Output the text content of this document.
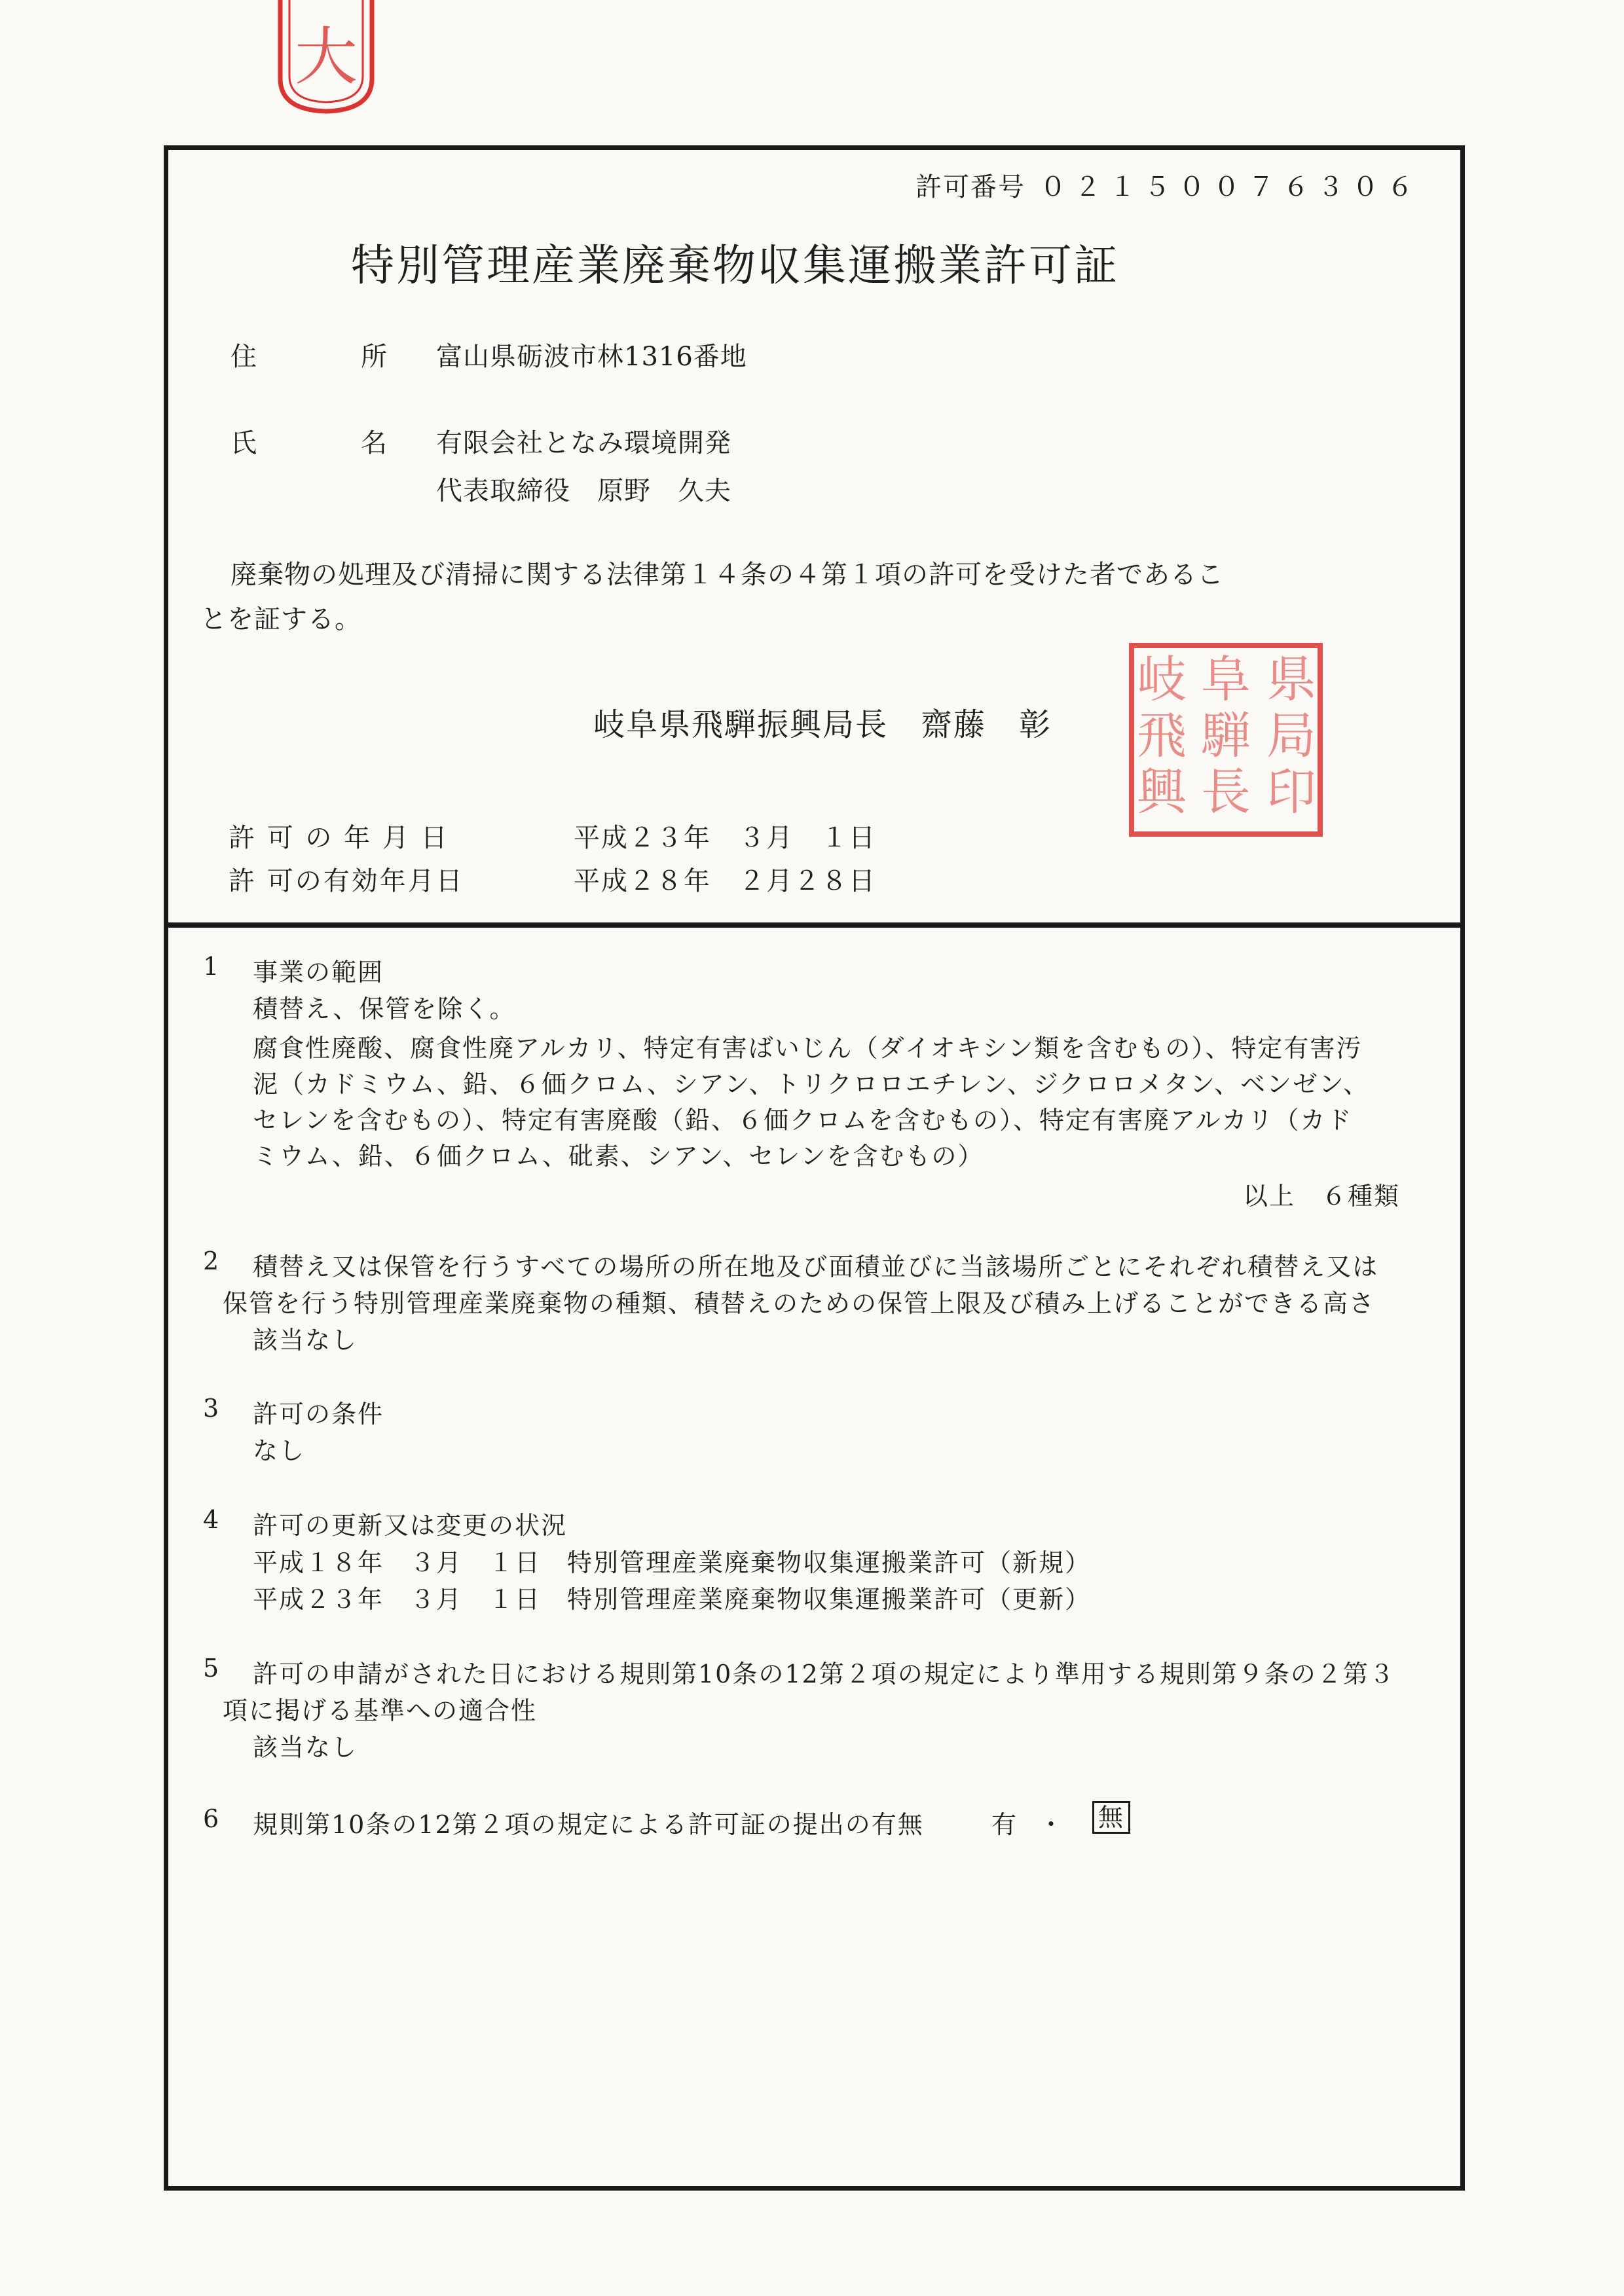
大
許可番号 ０２１５００７６３０６
特別管理産業廃棄物収集運搬業許可証
住	所 富山県砺波市林1316番地
氏	名 有限会社となみ環境開発
代表取締役　原野　久夫
廃棄物の処理及び清掃に関する法律第１４条の４第１項の許可を受けた者であるこ
とを証する。
岐阜県飛騨振興局長　齋藤　彰
県
局
印
阜
騨
長
岐
飛
興
許 可 の 年 月 日	平成２３年　３月　１日
許 可の有効年月日	平成２８年　２月２８日
1 事業の範囲
積替え、保管を除く。
腐食性廃酸、腐食性廃アルカリ、特定有害ばいじん（ダイオキシン類を含むもの）、特定有害汚
泥（カドミウム、鉛、６価クロム、シアン、トリクロロエチレン、ジクロロメタン、ベンゼン、
セレンを含むもの）、特定有害廃酸（鉛、６価クロムを含むもの）、特定有害廃アルカリ（カド
ミウム、鉛、６価クロム、砒素、シアン、セレンを含むもの）
以上　６種類
2 積替え又は保管を行うすべての場所の所在地及び面積並びに当該場所ごとにそれぞれ積替え又は
保管を行う特別管理産業廃棄物の種類、積替えのための保管上限及び積み上げることができる高さ
該当なし
3 許可の条件
なし
4 許可の更新又は変更の状況
平成１８年　３月　１日　特別管理産業廃棄物収集運搬業許可（新規）
平成２３年　３月　１日　特別管理産業廃棄物収集運搬業許可（更新）
5 許可の申請がされた日における規則第10条の12第２項の規定により準用する規則第９条の２第３
項に掲げる基準への適合性
該当なし
6 規則第10条の12第２項の規定による許可証の提出の有無	有 ・ 無
